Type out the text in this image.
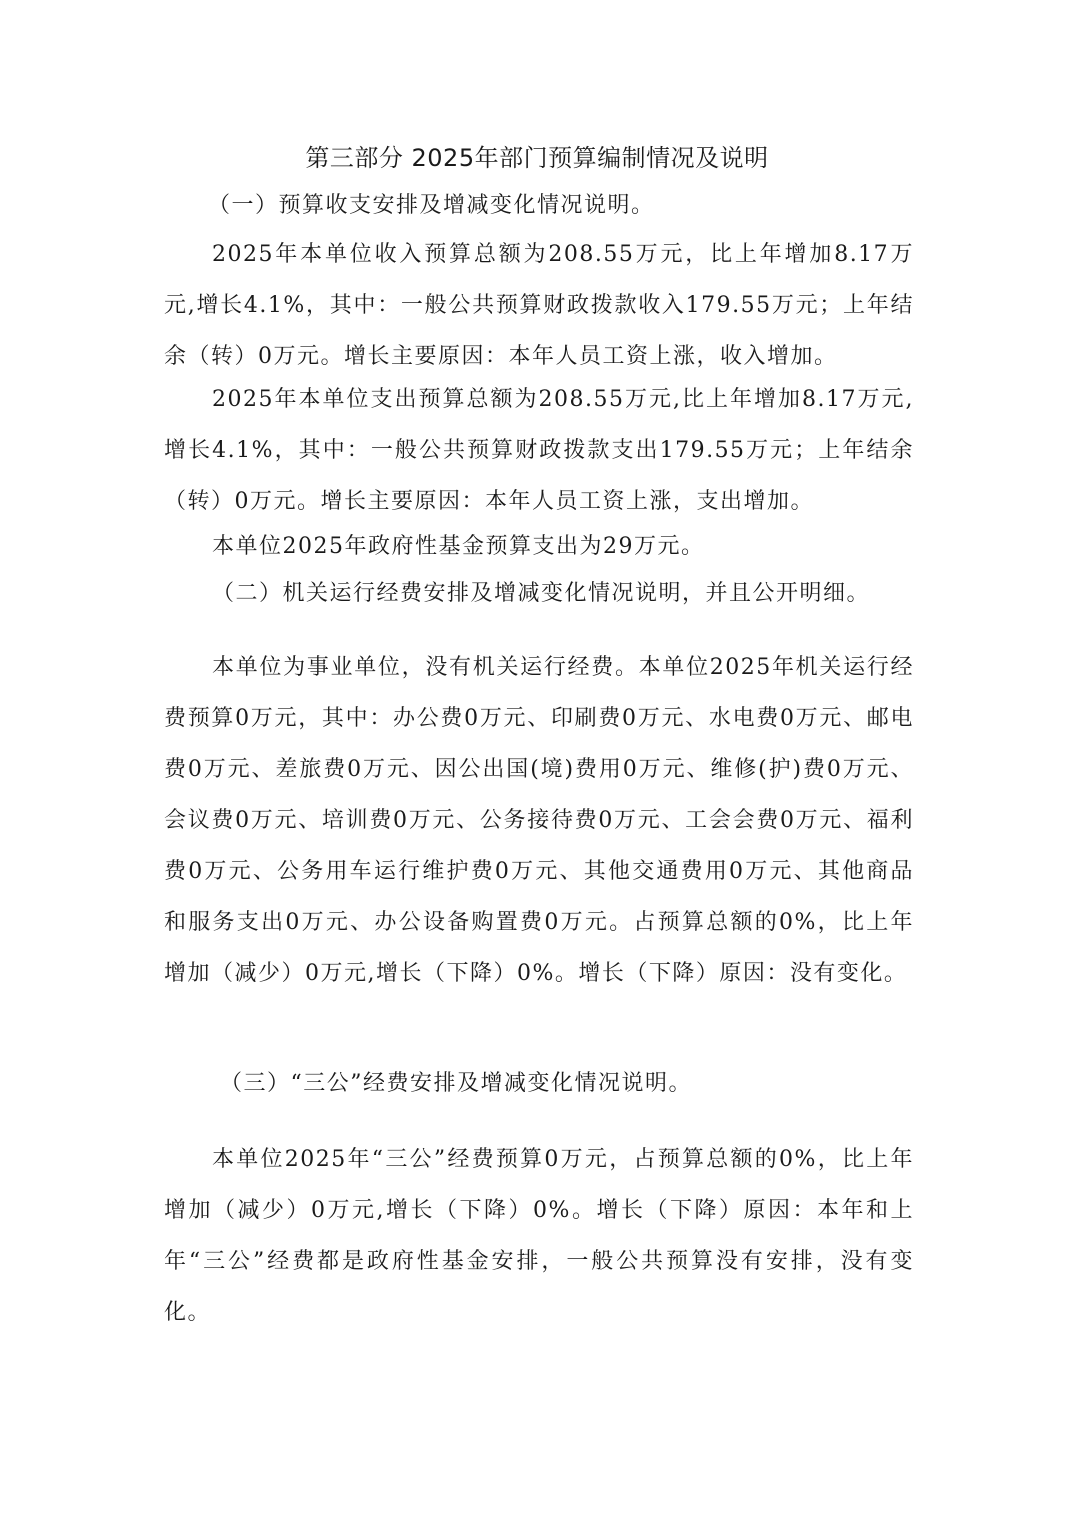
第三部分 2025年部门预算编制情况及说明

（一）预算收支安排及增减变化情况说明。

2025年本单位收入预算总额为208.55万元，比上年增加8.17万元,增长4.1%，其中：一般公共预算财政拨款收入179.55万元；上年结余（转）0万元。增长主要原因：本年人员工资上涨，收入增加。

2025年本单位支出预算总额为208.55万元,比上年增加8.17万元,增长4.1%，其中：一般公共预算财政拨款支出179.55万元；上年结余（转）0万元。增长主要原因：本年人员工资上涨，支出增加。

本单位2025年政府性基金预算支出为29万元。

（二）机关运行经费安排及增减变化情况说明，并且公开明细。

本单位为事业单位，没有机关运行经费。本单位2025年机关运行经费预算0万元，其中：办公费0万元、印刷费0万元、水电费0万元、邮电费0万元、差旅费0万元、因公出国(境)费用0万元、维修(护)费0万元、会议费0万元、培训费0万元、公务接待费0万元、工会会费0万元、福利费0万元、公务用车运行维护费0万元、其他交通费用0万元、其他商品和服务支出0万元、办公设备购置费0万元。占预算总额的0%，比上年增加（减少）0万元,增长（下降）0%。增长（下降）原因：没有变化。

（三）“三公”经费安排及增减变化情况说明。

本单位2025年“三公”经费预算0万元，占预算总额的0%，比上年增加（减少）0万元,增长（下降）0%。增长（下降）原因：本年和上年“三公”经费都是政府性基金安排，一般公共预算没有安排，没有变化。
